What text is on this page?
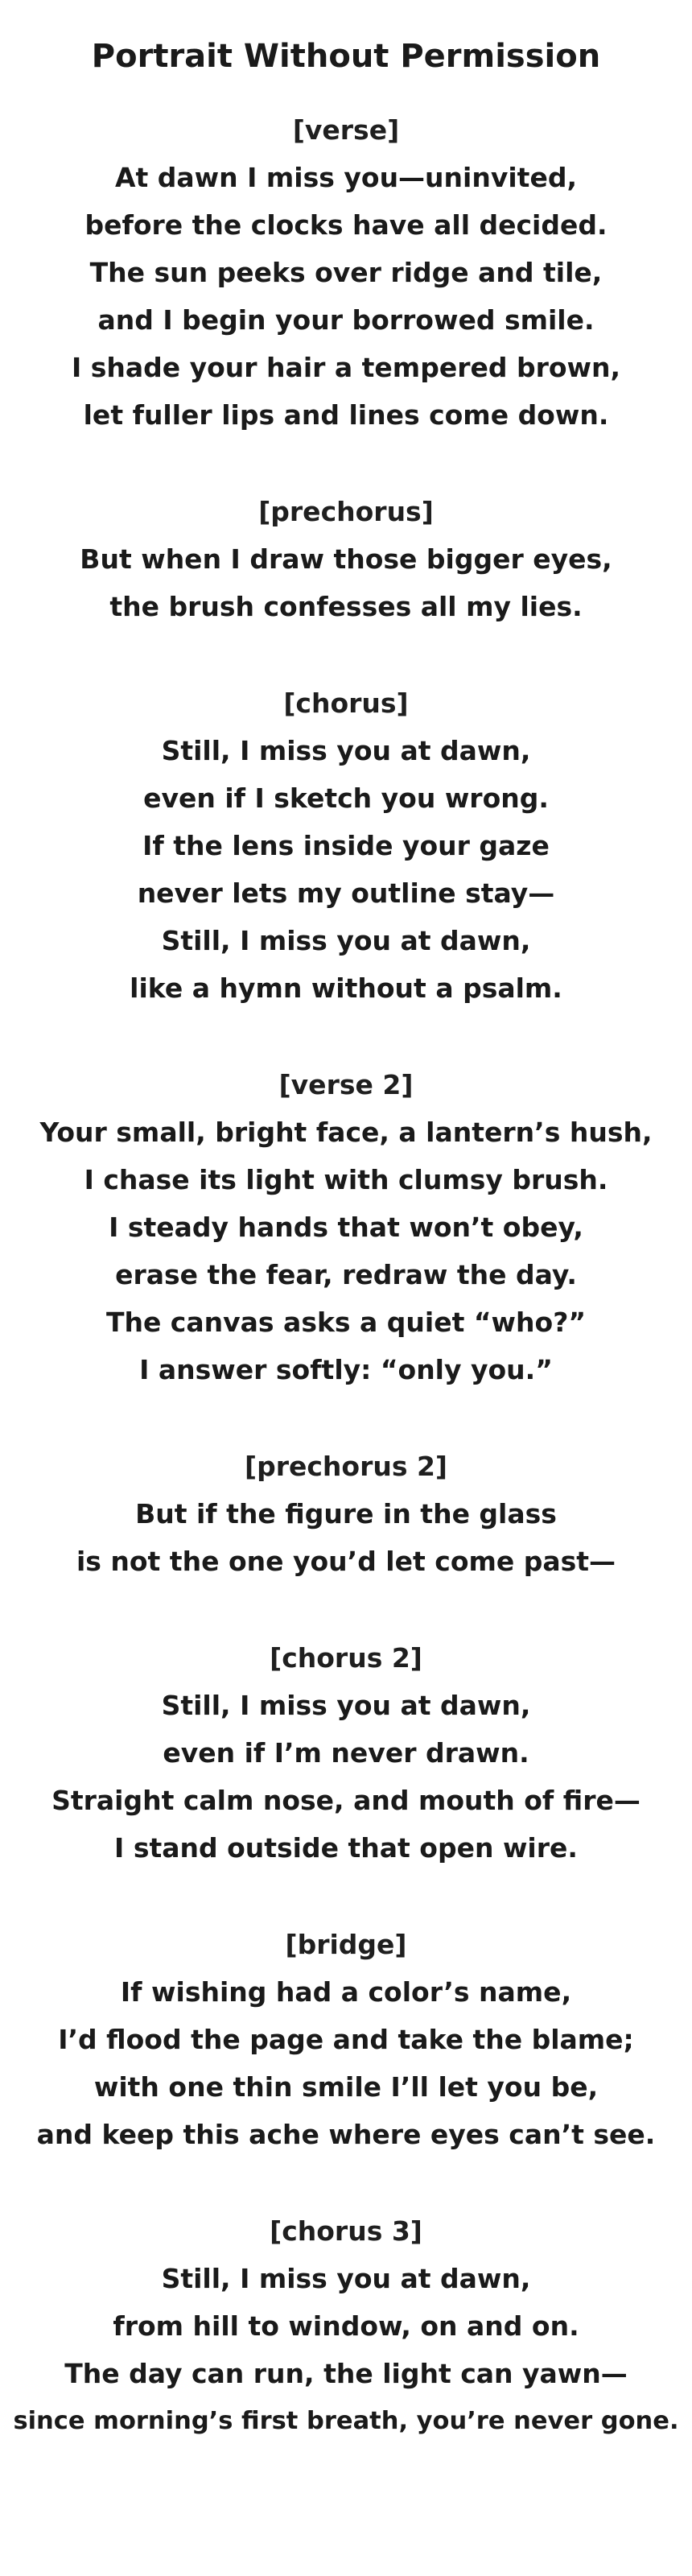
Portrait Without Permission
[verse]
At dawn I miss you—uninvited,
before the clocks have all decided.
The sun peeks over ridge and tile,
and I begin your borrowed smile.
I shade your hair a tempered brown,
let fuller lips and lines come down.
[prechorus]
But when I draw those bigger eyes,
the brush confesses all my lies.
[chorus]
Still, I miss you at dawn,
even if I sketch you wrong.
If the lens inside your gaze
never lets my outline stay—
Still, I miss you at dawn,
like a hymn without a psalm.
[verse 2]
Your small, bright face, a lantern’s hush,
I chase its light with clumsy brush.
I steady hands that won’t obey,
erase the fear, redraw the day.
The canvas asks a quiet “who?”
I answer softly: “only you.”
[prechorus 2]
But if the figure in the glass
is not the one you’d let come past—
[chorus 2]
Still, I miss you at dawn,
even if I’m never drawn.
Straight calm nose, and mouth of fire—
I stand outside that open wire.
[bridge]
If wishing had a color’s name,
I’d flood the page and take the blame;
with one thin smile I’ll let you be,
and keep this ache where eyes can’t see.
[chorus 3]
Still, I miss you at dawn,
from hill to window, on and on.
The day can run, the light can yawn—
since morning’s first breath, you’re never gone.
